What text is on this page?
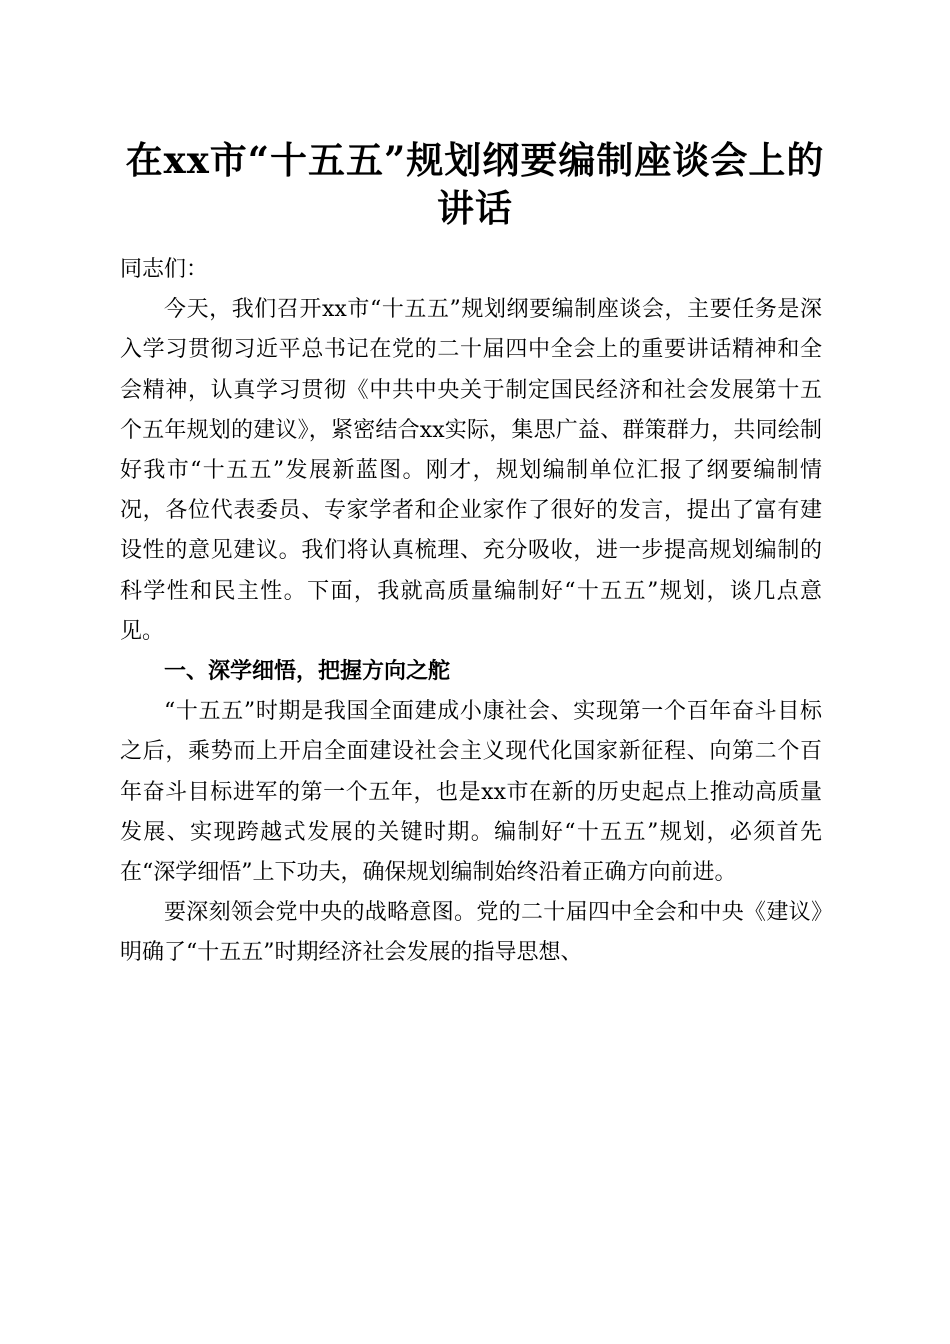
在xx市“十五五”规划纲要编制座谈会上的
讲话

同志们：

今天，我们召开xx市“十五五”规划纲要编制座谈会，主要任务是深入学习贯彻习近平总书记在党的二十届四中全会上的重要讲话精神和全会精神，认真学习贯彻《中共中央关于制定国民经济和社会发展第十五个五年规划的建议》，紧密结合xx实际，集思广益、群策群力，共同绘制好我市“十五五”发展新蓝图。刚才，规划编制单位汇报了纲要编制情况，各位代表委员、专家学者和企业家作了很好的发言，提出了富有建设性的意见建议。我们将认真梳理、充分吸收，进一步提高规划编制的科学性和民主性。下面，我就高质量编制好“十五五”规划，谈几点意见。

一、深学细悟，把握方向之舵

“十五五”时期是我国全面建成小康社会、实现第一个百年奋斗目标之后，乘势而上开启全面建设社会主义现代化国家新征程、向第二个百年奋斗目标进军的第一个五年，也是xx市在新的历史起点上推动高质量发展、实现跨越式发展的关键时期。编制好“十五五”规划，必须首先在“深学细悟”上下功夫，确保规划编制始终沿着正确方向前进。

要深刻领会党中央的战略意图。党的二十届四中全会和中央《建议》明确了“十五五”时期经济社会发展的指导思想、
